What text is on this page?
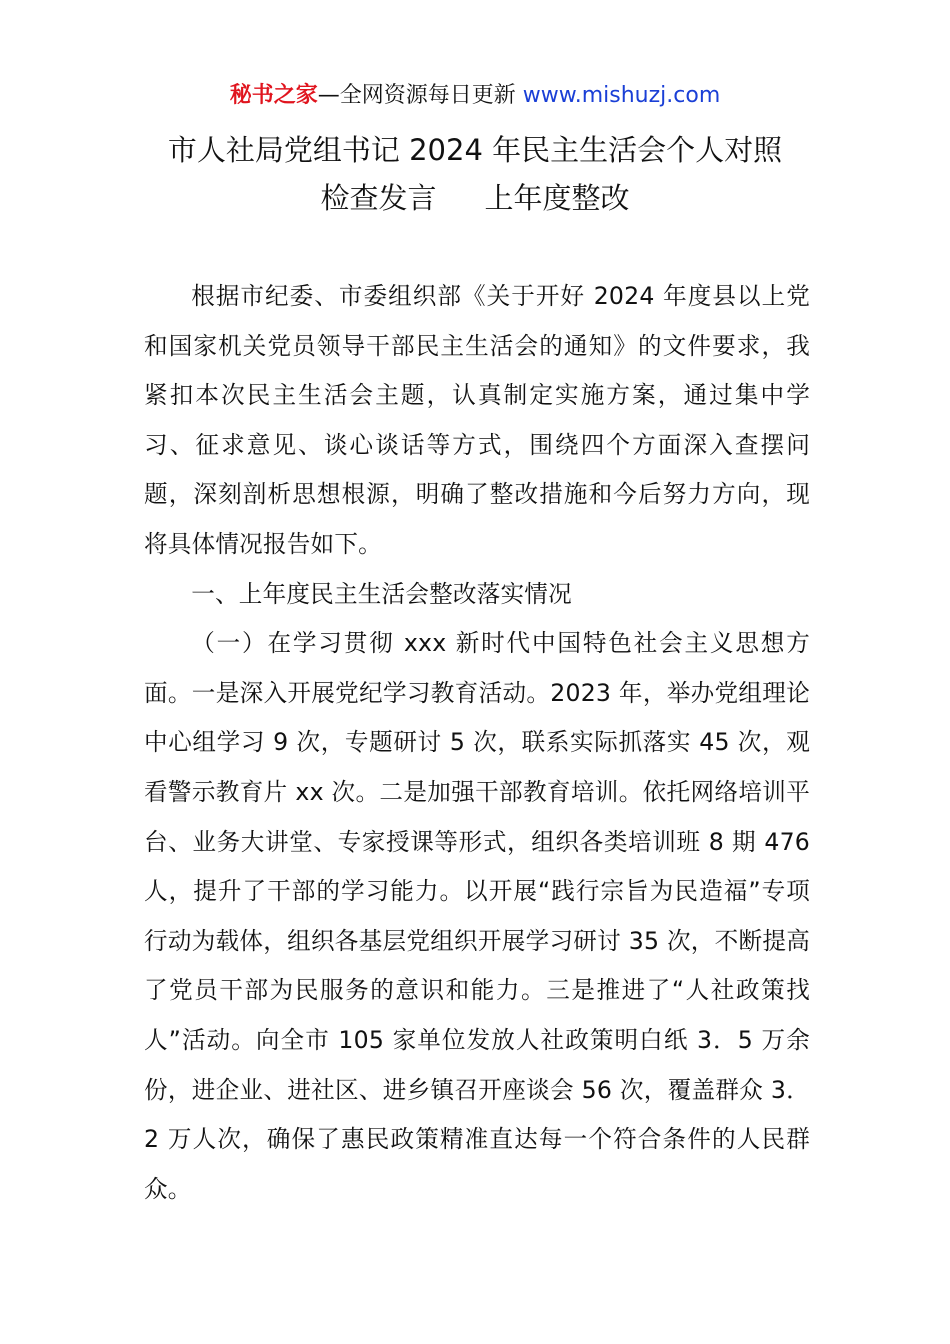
秘书之家—全网资源每日更新 www.mishuzj.com
市人社局党组书记 2024 年民主生活会个人对照
检查发言 上年度整改

根据市纪委、市委组织部《关于开好 2024 年度县以上党和国家机关党员领导干部民主生活会的通知》的文件要求，我紧扣本次民主生活会主题，认真制定实施方案，通过集中学习、征求意见、谈心谈话等方式，围绕四个方面深入查摆问题，深刻剖析思想根源，明确了整改措施和今后努力方向，现将具体情况报告如下。

一、上年度民主生活会整改落实情况

（一）在学习贯彻 xxx 新时代中国特色社会主义思想方面。一是深入开展党纪学习教育活动。2023 年，举办党组理论中心组学习 9 次，专题研讨 5 次，联系实际抓落实 45 次，观看警示教育片 xx 次。二是加强干部教育培训。依托网络培训平台、业务大讲堂、专家授课等形式，组织各类培训班 8 期 476 人，提升了干部的学习能力。以开展“践行宗旨为民造福”专项行动为载体，组织各基层党组织开展学习研讨 35 次，不断提高了党员干部为民服务的意识和能力。三是推进了“人社政策找人”活动。向全市 105 家单位发放人社政策明白纸 3．5 万余份，进企业、进社区、进乡镇召开座谈会 56 次，覆盖群众 3．2 万人次，确保了惠民政策精准直达每一个符合条件的人民群众。
